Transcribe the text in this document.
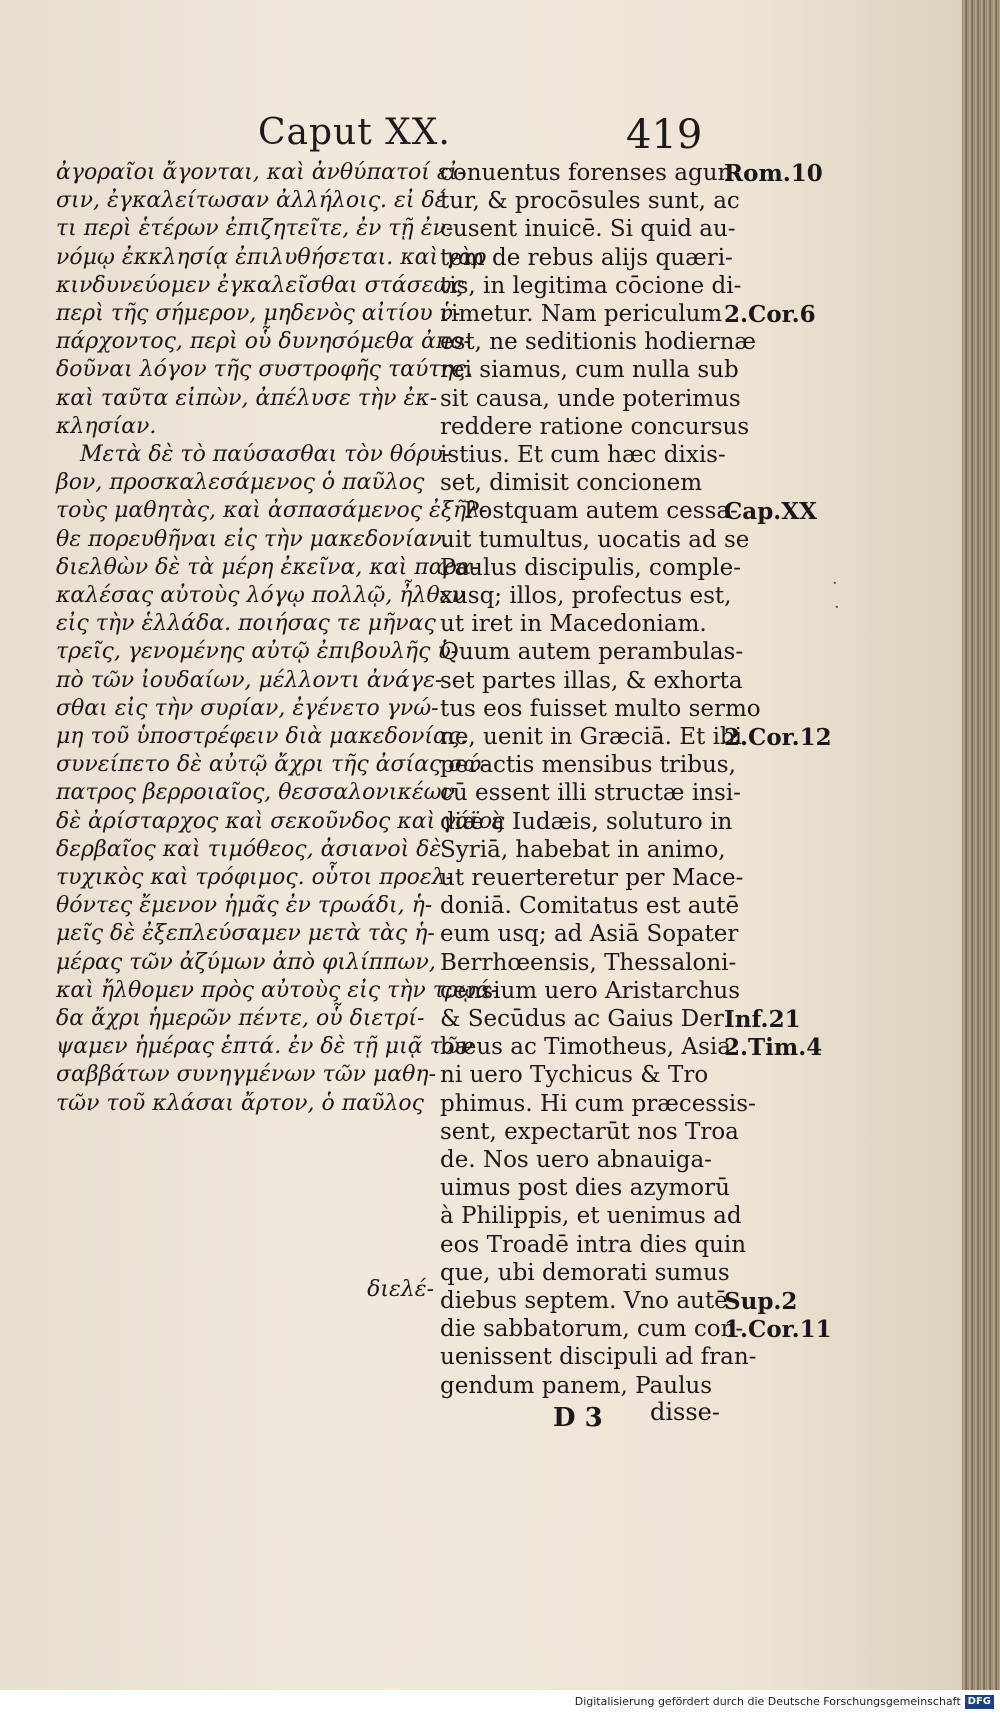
Caput XX.	419
ἀγοραῖοι ἄγονται, καὶ ἀνθύπατοί εἰ-
σιν, ἐγκαλείτωσαν ἀλλήλοις. εἰ δέ
τι περὶ ἑτέρων ἐπιζητεῖτε, ἐν τῇ ἐν-
νόμῳ ἐκκλησίᾳ ἐπιλυθήσεται. καὶ γὰρ
κινδυνεύομεν ἐγκαλεῖσθαι στάσεως
περὶ τῆς σήμερον, μηδενὸς αἰτίου ὑ-
πάρχοντος, περὶ οὗ δυνησόμεθα ἀπο-
δοῦναι λόγον τῆς συστροφῆς ταύτης.
καὶ ταῦτα εἰπὼν, ἀπέλυσε τὴν ἐκ-
κλησίαν.
Μετὰ δὲ τὸ παύσασθαι τὸν θόρυ-
βον, προσκαλεσάμενος ὁ παῦλος
τοὺς μαθητὰς, καὶ ἀσπασάμενος ἐξῆλ-
θε πορευθῆναι εἰς τὴν μακεδονίαν.
διελθὼν δὲ τὰ μέρη ἐκεῖνα, καὶ παρα-
καλέσας αὐτοὺς λόγῳ πολλῷ, ἦλθεν
εἰς τὴν ἑλλάδα. ποιήσας τε μῆνας
τρεῖς, γενομένης αὐτῷ ἐπιβουλῆς ὑ-
πὸ τῶν ἰουδαίων, μέλλοντι ἀνάγε-
σθαι εἰς τὴν συρίαν, ἐγένετο γνώ-
μη τοῦ ὑποστρέφειν διὰ μακεδονίας.
συνείπετο δὲ αὐτῷ ἄχρι τῆς ἀσίας σώ-
πατρος βερροιαῖος, θεσσαλονικέων
δὲ ἀρίσταρχος καὶ σεκοῦνδος καὶ γάϊος
δερβαῖος καὶ τιμόθεος, ἀσιανοὶ δὲ
τυχικὸς καὶ τρόφιμος. οὗτοι προελ-
θόντες ἔμενον ἡμᾶς ἐν τρωάδι, ἡ-
μεῖς δὲ ἐξεπλεύσαμεν μετὰ τὰς ἡ-
μέρας τῶν ἀζύμων ἀπὸ φιλίππων,
καὶ ἤλθομεν πρὸς αὐτοὺς εἰς τὴν τρῳά-
δα ἄχρι ἡμερῶν πέντε, οὗ διετρί-
ψαμεν ἡμέρας ἑπτά. ἐν δὲ τῇ μιᾷ τῶν
σαββάτων συνηγμένων τῶν μαθη-
τῶν τοῦ κλάσαι ἄρτον, ὁ παῦλος
διελέ-
conuentus forenses agun-
tur, & procōsules sunt, ac
cusent inuicē. Si quid au-
tem de rebus alijs quæri-
tis, in legitima cōcione di-
rimetur. Nam periculum
est, ne seditionis hodiernæ
rei siamus, cum nulla sub
sit causa, unde poterimus
reddere ratione concursus
istius. Et cum hæc dixis-
set, dimisit concionem
Postquam autem cessa-
uit tumultus, uocatis ad se
Paulus discipulis, comple-
xusq; illos, profectus est,
ut iret in Macedoniam.
Quum autem perambulas-
set partes illas, & exhorta
tus eos fuisset multo sermo
ne, uenit in Græciā. Et ibi
peractis mensibus tribus,
cū essent illi structæ insi-
diæ à Iudæis, soluturo in
Syriā, habebat in animo,
ut reuerteretur per Mace-
doniā. Comitatus est autē
eum usq; ad Asiā Sopater
Berrhœensis, Thessaloni-
censium uero Aristarchus
& Secūdus ac Gaius Der
bæus ac Timotheus, Asia
ni uero Tychicus & Tro
phimus. Hi cum præcessis-
sent, expectarūt nos Troa
de. Nos uero abnauiga-
uimus post dies azymorū
à Philippis, et uenimus ad
eos Troadē intra dies quin
que, ubi demorati sumus
diebus septem. Vno autē
die sabbatorum, cum con-
uenissent discipuli ad fran-
gendum panem, Paulus
Rom.10
2.Cor.6
Cap.XX
2.Cor.12
Inf.21
2.Tim.4
Sup.2
1.Cor.11
·
·
D 3 disse-
Digitalisierung gefördert durch die Deutsche Forschungsgemeinschaft DFG
